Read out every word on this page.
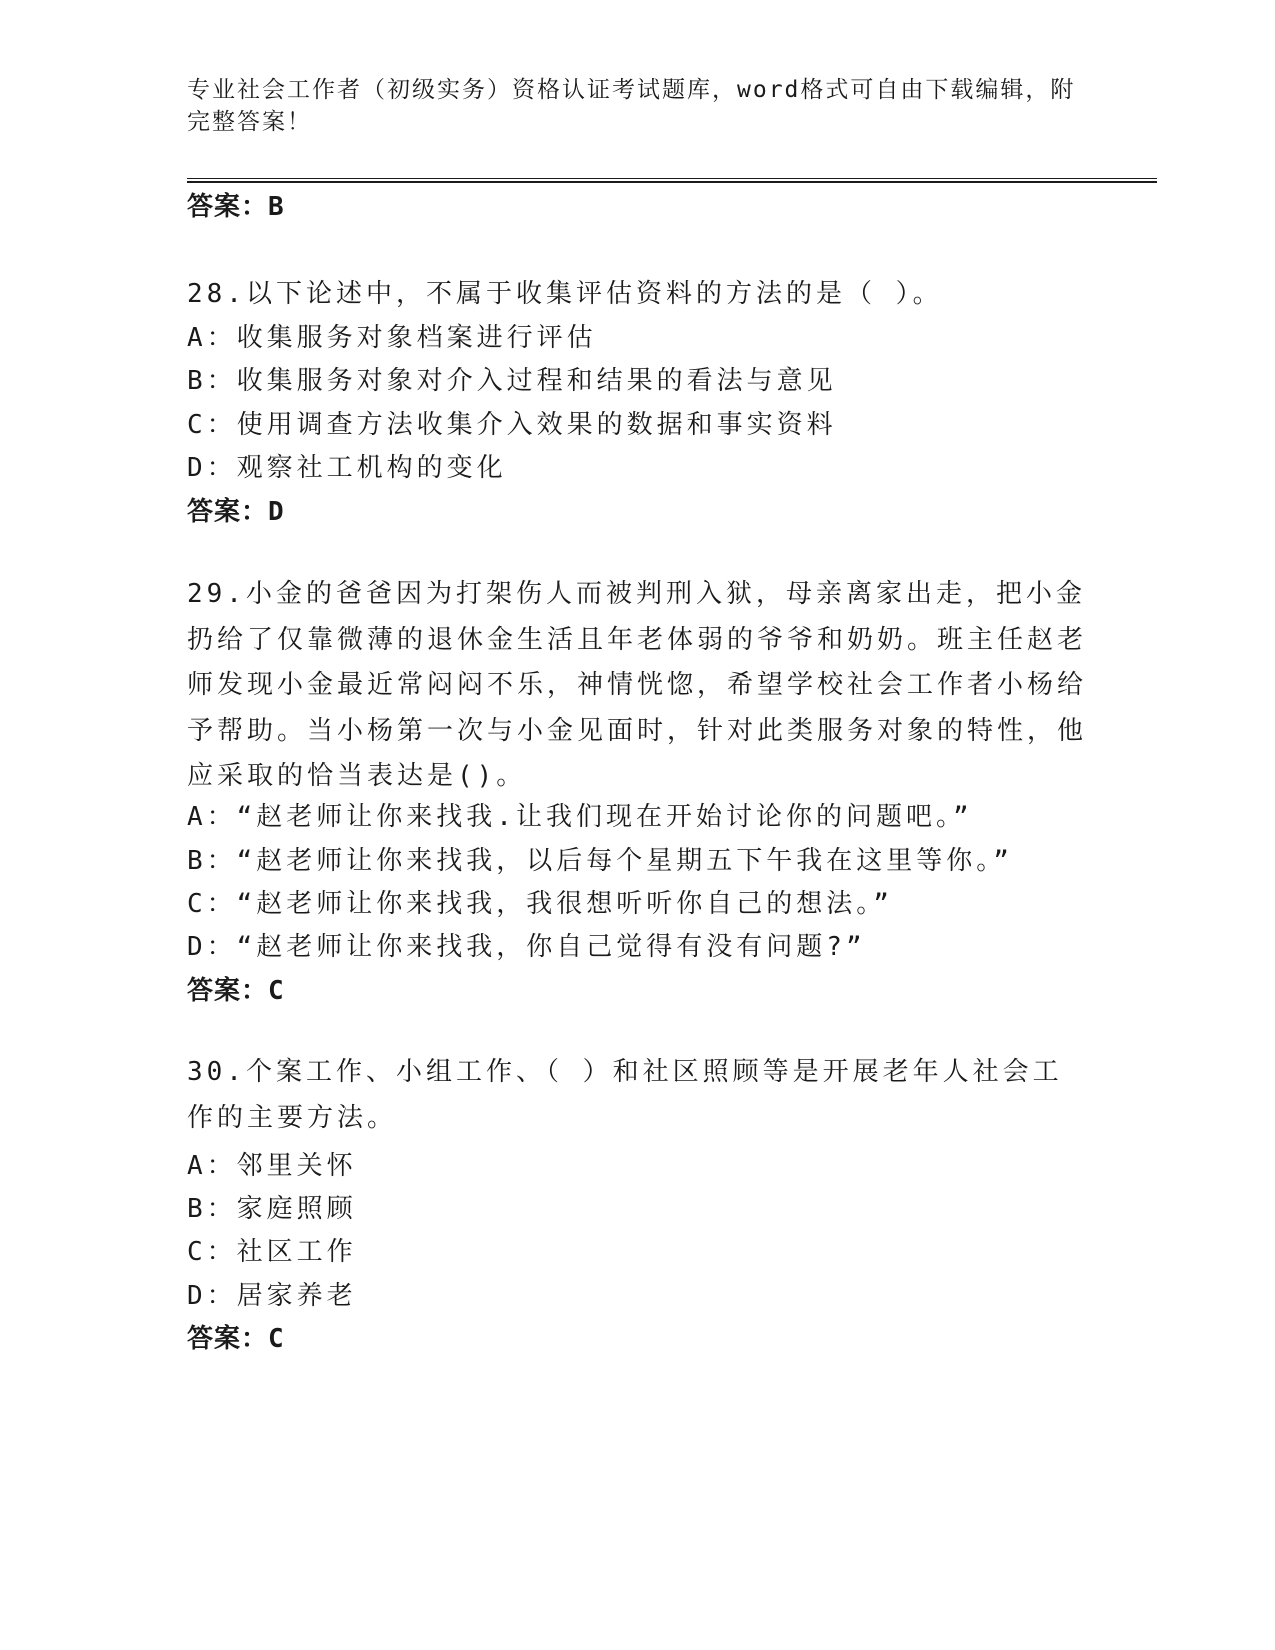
专业社会工作者（初级实务）资格认证考试题库，word格式可自由下载编辑，附完整答案！
答案：B
28.以下论述中，不属于收集评估资料的方法的是（ ）。
A：收集服务对象档案进行评估
B：收集服务对象对介入过程和结果的看法与意见
C：使用调查方法收集介入效果的数据和事实资料
D：观察社工机构的变化
答案：D
29.小金的爸爸因为打架伤人而被判刑入狱，母亲离家出走，把小金扔给了仅靠微薄的退休金生活且年老体弱的爷爷和奶奶。班主任赵老师发现小金最近常闷闷不乐，神情恍惚，希望学校社会工作者小杨给予帮助。当小杨第一次与小金见面时，针对此类服务对象的特性，他应采取的恰当表达是()。
A：“赵老师让你来找我.让我们现在开始讨论你的问题吧。”
B：“赵老师让你来找我，以后每个星期五下午我在这里等你。”
C：“赵老师让你来找我，我很想听听你自己的想法。”
D：“赵老师让你来找我，你自己觉得有没有问题?”
答案：C
30.个案工作、小组工作、（ ）和社区照顾等是开展老年人社会工作的主要方法。
A：邻里关怀
B：家庭照顾
C：社区工作
D：居家养老
答案：C
